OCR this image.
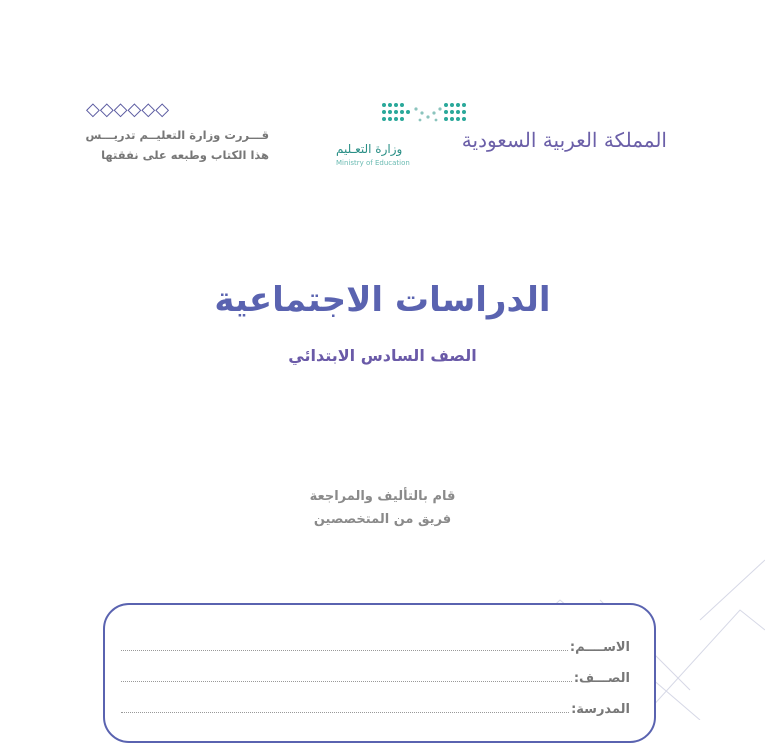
المملكة العربية السعودية
وزارة التعـليم
Ministry of Education
◇◇◇◇◇◇
قـــررت وزارة التعليــم تدريـــس
هذا الكتاب وطبعه على نفقتها
الدراسات الاجتماعية
الصف السادس الابتدائي
قام بالتأليف والمراجعة
فريق من المتخصصين
الاســــم:
الصـــف:
المدرسة:
